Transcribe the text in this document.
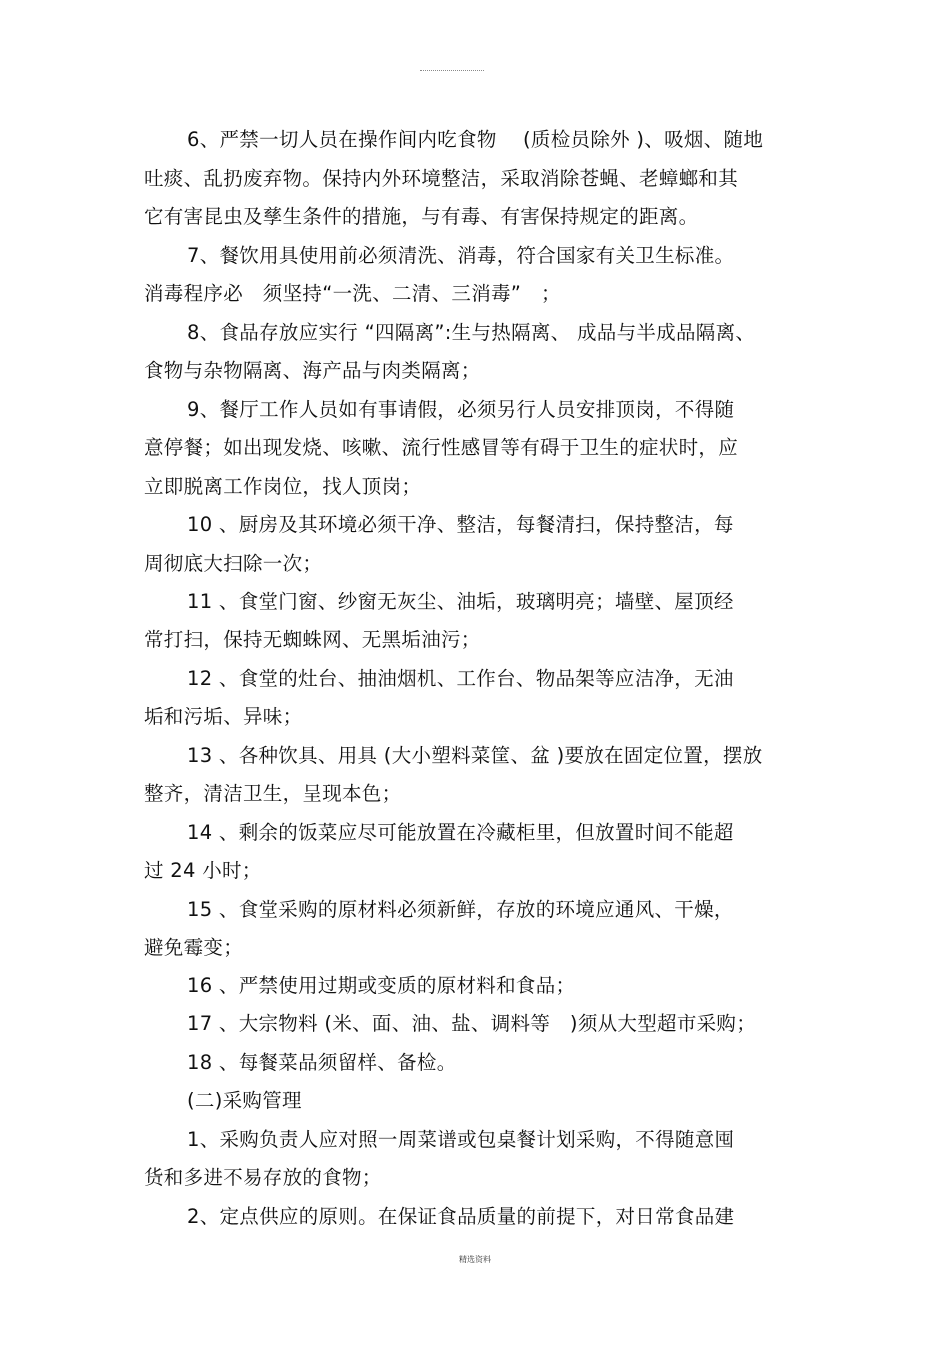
6、严禁一切人员在操作间内吃食物　 (质检员除外 )、吸烟、随地
吐痰、乱扔废弃物。保持内外环境整洁，采取消除苍蝇、老蟑螂和其
它有害昆虫及孳生条件的措施，与有毒、有害保持规定的距离。
7、餐饮用具使用前必须清洗、消毒，符合国家有关卫生标准。
消毒程序必　须坚持“一洗、二清、三消毒”　；
8、食品存放应实行 “四隔离”:生与热隔离、 成品与半成品隔离、
食物与杂物隔离、海产品与肉类隔离；
9、餐厅工作人员如有事请假，必须另行人员安排顶岗，不得随
意停餐；如出现发烧、咳嗽、流行性感冒等有碍于卫生的症状时，应
立即脱离工作岗位，找人顶岗；
10 、厨房及其环境必须干净、整洁，每餐清扫，保持整洁，每
周彻底大扫除一次；
11 、食堂门窗、纱窗无灰尘、油垢，玻璃明亮；墙壁、屋顶经
常打扫，保持无蜘蛛网、无黑垢油污；
12 、食堂的灶台、抽油烟机、工作台、物品架等应洁净，无油
垢和污垢、异味；
13 、各种饮具、用具 (大小塑料菜筐、盆 )要放在固定位置，摆放
整齐，清洁卫生，呈现本色；
14 、剩余的饭菜应尽可能放置在冷藏柜里，但放置时间不能超
过 24 小时；
15 、食堂采购的原材料必须新鲜，存放的环境应通风、干燥，
避免霉变；
16 、严禁使用过期或变质的原材料和食品；
17 、大宗物料 (米、面、油、盐、调料等　)须从大型超市采购；
18 、每餐菜品须留样、备检。
(二)采购管理
1、采购负责人应对照一周菜谱或包桌餐计划采购，不得随意囤
货和多进不易存放的食物；
2、定点供应的原则。在保证食品质量的前提下，对日常食品建
精选资料
